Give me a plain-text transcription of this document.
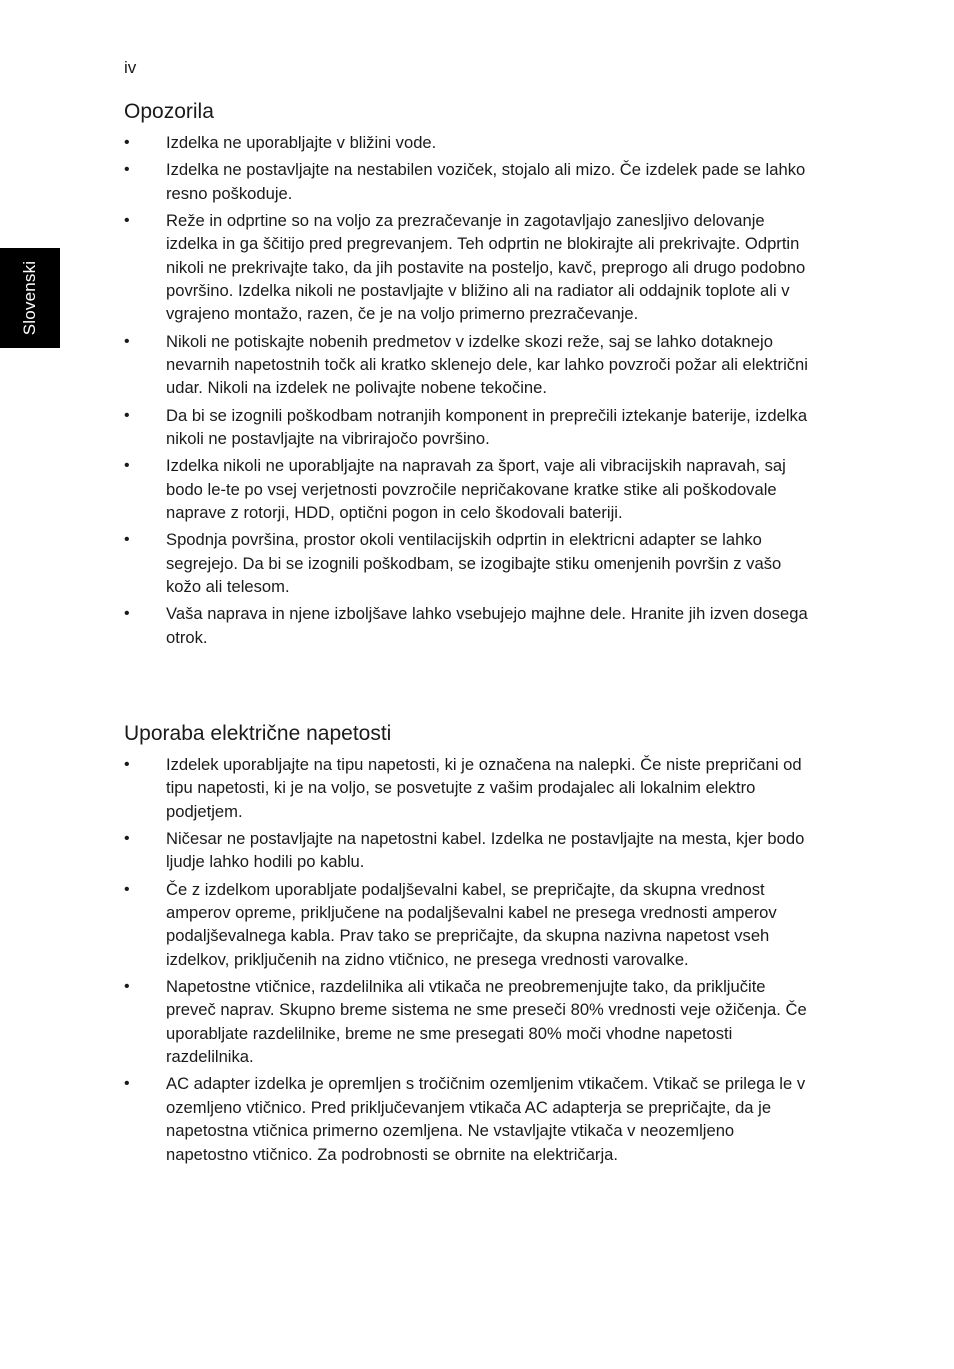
iv
Slovenski
Opozorila
• Izdelka ne uporabljajte v bližini vode.
• Izdelka ne postavljajte na nestabilen voziček, stojalo ali mizo. Če izdelek pade se lahko resno poškoduje.
• Reže in odprtine so na voljo za prezračevanje in zagotavljajo zanesljivo delovanje izdelka in ga ščitijo pred pregrevanjem. Teh odprtin ne blokirajte ali prekrivajte. Odprtin nikoli ne prekrivajte tako, da jih postavite na posteljo, kavč, preprogo ali drugo podobno površino. Izdelka nikoli ne postavljajte v bližino ali na radiator ali oddajnik toplote ali v vgrajeno montažo, razen, če je na voljo primerno prezračevanje.
• Nikoli ne potiskajte nobenih predmetov v izdelke skozi reže, saj se lahko dotaknejo nevarnih napetostnih točk ali kratko sklenejo dele, kar lahko povzroči požar ali električni udar. Nikoli na izdelek ne polivajte nobene tekočine.
• Da bi se izognili poškodbam notranjih komponent in preprečili iztekanje baterije, izdelka nikoli ne postavljajte na vibrirajočo površino.
• Izdelka nikoli ne uporabljajte na napravah za šport, vaje ali vibracijskih napravah, saj bodo le-te po vsej verjetnosti povzročile nepričakovane kratke stike ali poškodovale naprave z rotorji, HDD, optični pogon in celo škodovali bateriji.
• Spodnja površina, prostor okoli ventilacijskih odprtin in elektricni adapter se lahko segrejejo. Da bi se izognili poškodbam, se izogibajte stiku omenjenih površin z vašo kožo ali telesom.
• Vaša naprava in njene izboljšave lahko vsebujejo majhne dele. Hranite jih izven dosega otrok.
Uporaba električne napetosti
• Izdelek uporabljajte na tipu napetosti, ki je označena na nalepki. Če niste prepričani od tipu napetosti, ki je na voljo, se posvetujte z vašim prodajalec ali lokalnim elektro podjetjem.
• Ničesar ne postavljajte na napetostni kabel. Izdelka ne postavljajte na mesta, kjer bodo ljudje lahko hodili po kablu.
• Če z izdelkom uporabljate podaljševalni kabel, se prepričajte, da skupna vrednost amperov opreme, priključene na podaljševalni kabel ne presega vrednosti amperov podaljševalnega kabla. Prav tako se prepričajte, da skupna nazivna napetost vseh izdelkov, priključenih na zidno vtičnico, ne presega vrednosti varovalke.
• Napetostne vtičnice, razdelilnika ali vtikača ne preobremenjujte tako, da priključite preveč naprav. Skupno breme sistema ne sme preseči 80% vrednosti veje ožičenja. Če uporabljate razdelilnike, breme ne sme presegati 80% moči vhodne napetosti razdelilnika.
• AC adapter izdelka je opremljen s tročičnim ozemljenim vtikačem. Vtikač se prilega le v ozemljeno vtičnico. Pred priključevanjem vtikača AC adapterja se prepričajte, da je napetostna vtičnica primerno ozemljena. Ne vstavljajte vtikača v neozemljeno napetostno vtičnico. Za podrobnosti se obrnite na električarja.
